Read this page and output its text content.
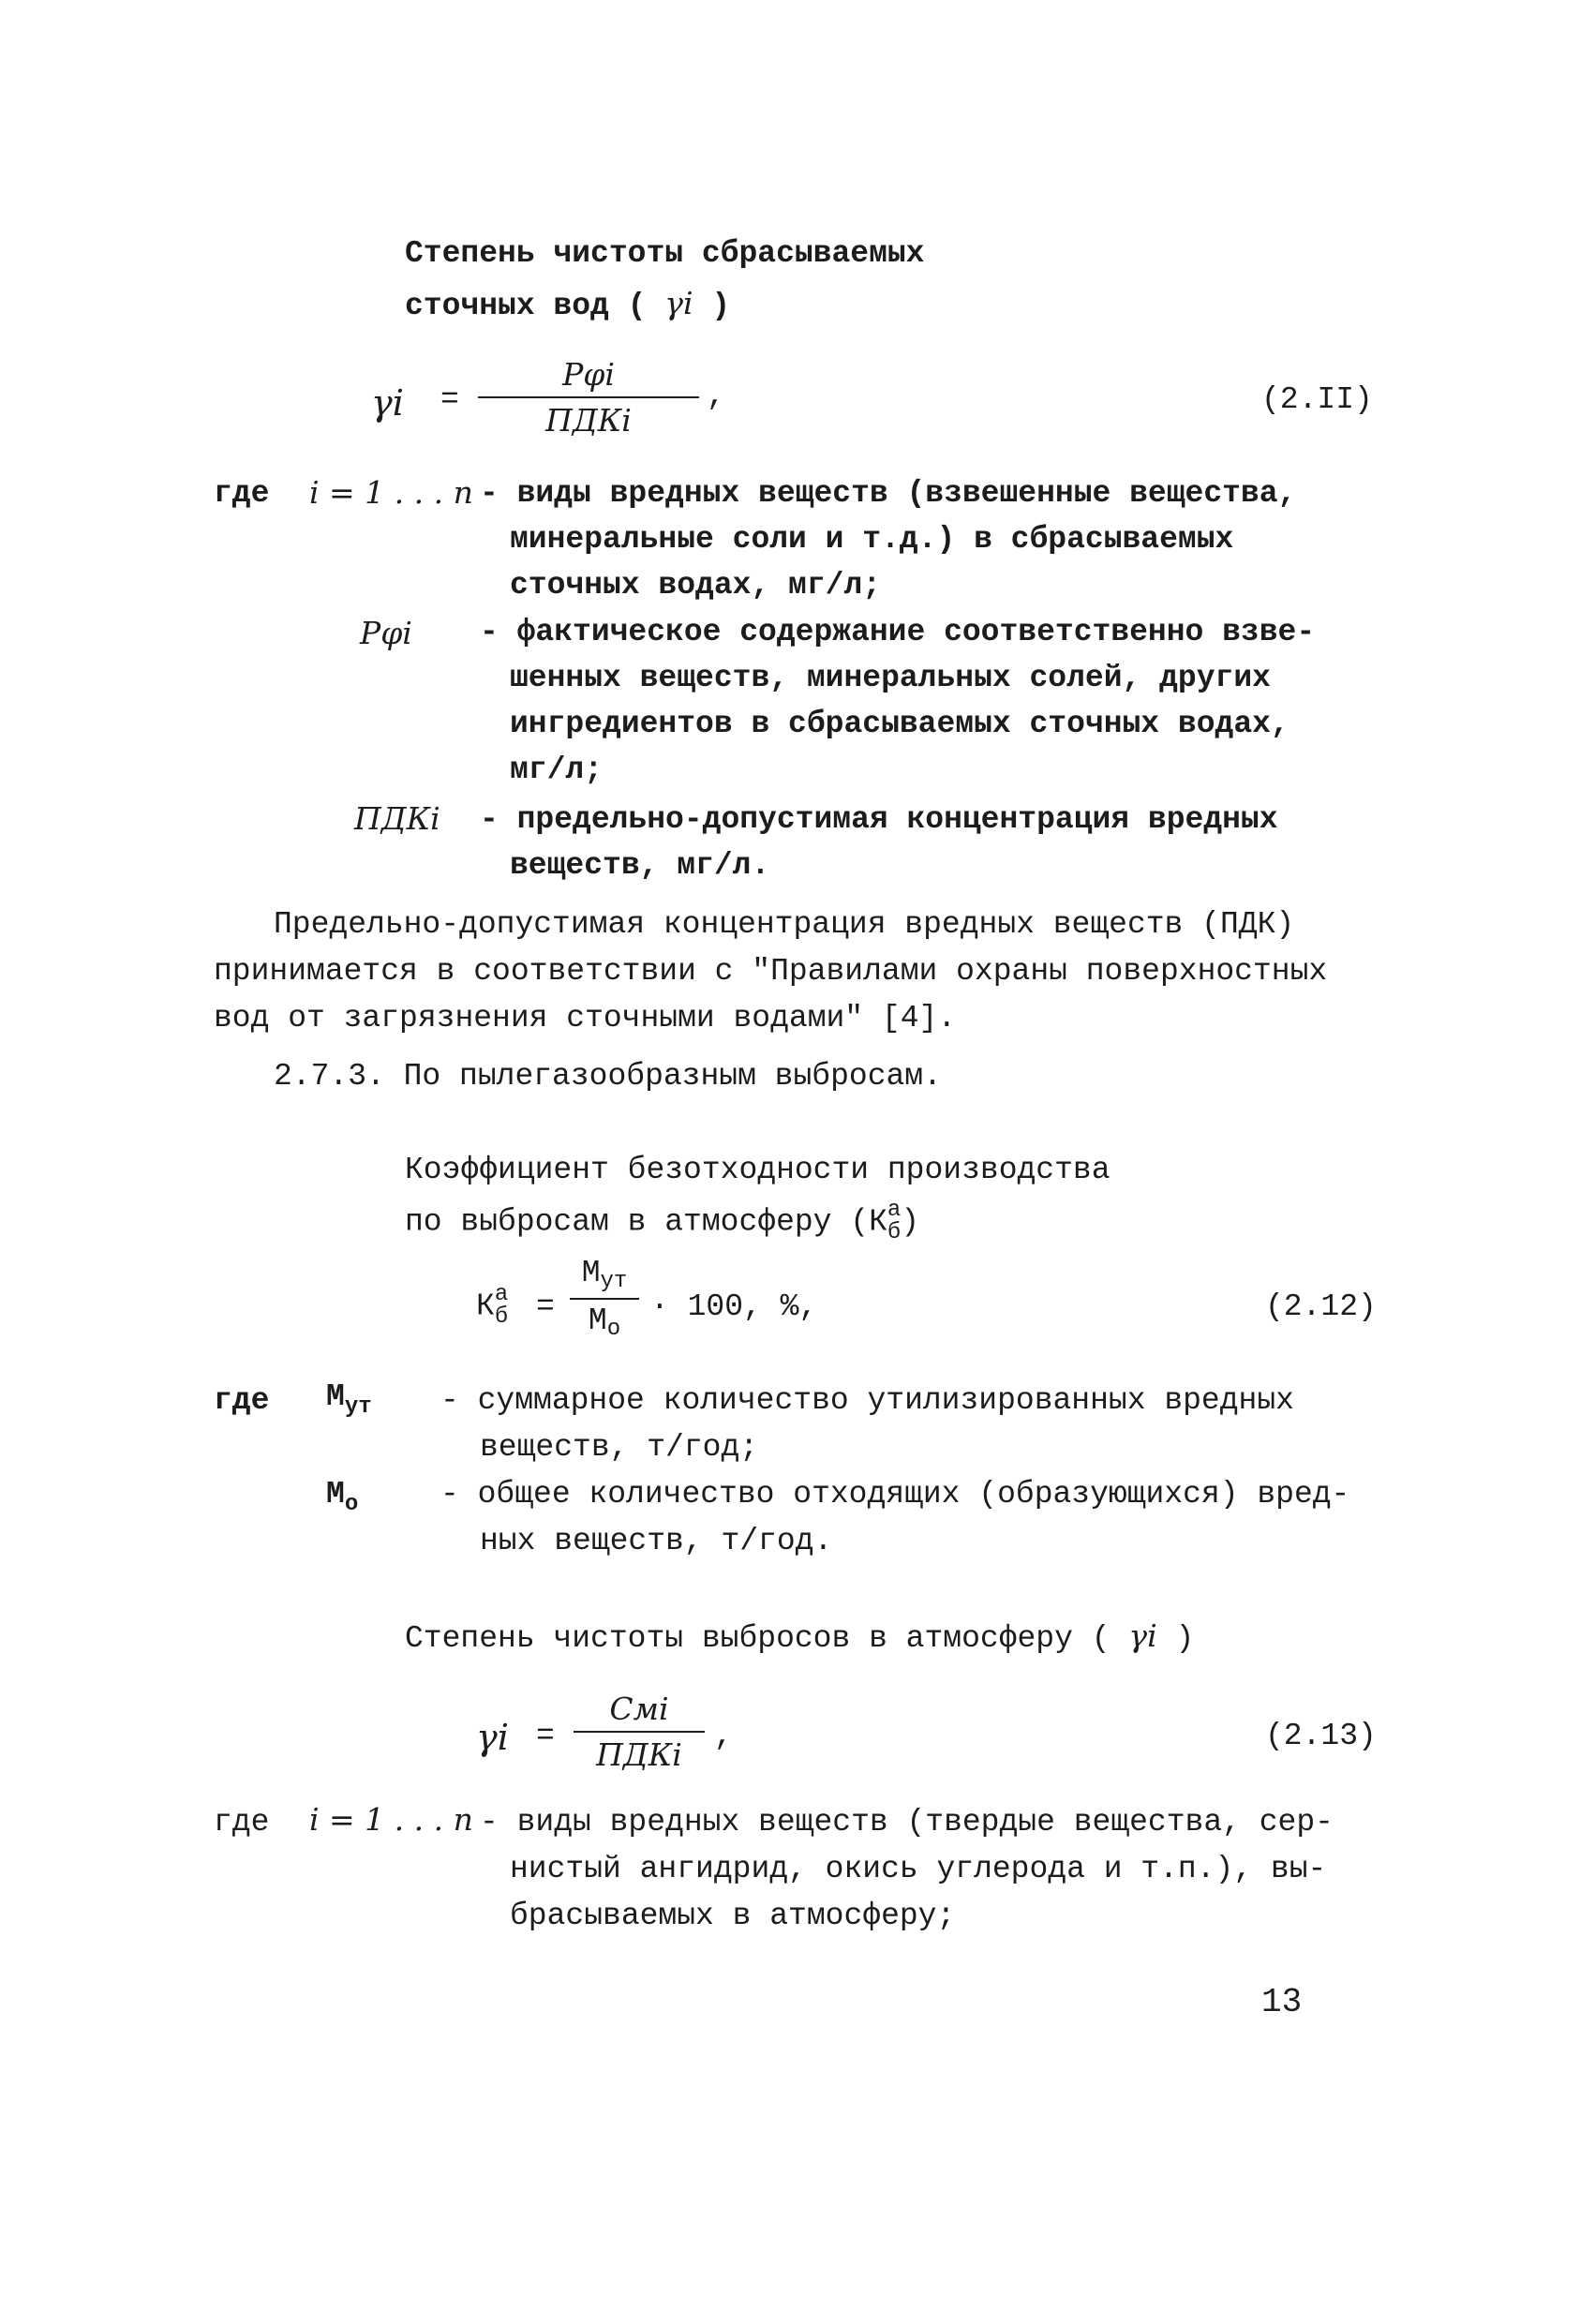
Степень чистоты сбрасываемых
сточных вод ( γi )
γi =
Pφi
ПДКi
,	(2.II)
где i = 1 . . . n - виды вредных веществ (взвешенные вещества,
минеральные соли и т.д.) в сбрасываемых
сточных водах, мг/л;
Pφi - фактическое содержание соответственно взве-
шенных веществ, минеральных солей, других
ингредиентов в сбрасываемых сточных водах,
мг/л;
ПДКi - предельно-допустимая концентрация вредных
веществ, мг/л.
Предельно-допустимая концентрация вредных веществ (ПДК)
принимается в соответствии с "Правилами охраны поверхностных
вод от загрязнения сточными водами" [4].
2.7.3. По пылегазообразным выбросам.
Коэффициент безотходности производства
по выбросам в атмосферу (К а
б )
К а
б =
Мут
Мо
· 100, %,	(2.12)
где $М_{ут}$ - суммарное количество утилизированных вредных
веществ, т/год;
$М_о$	- общее количество отходящих (образующихся) вред-
ных веществ, т/год.
Степень чистоты выбросов в атмосферу ( γi )
γi =
Cмi
ПДКi
,	(2.13)
где i = 1 . . . n - виды вредных веществ (твердые вещества, сер-
нистый ангидрид, окись углерода и т.п.), вы-
брасываемых в атмосферу;
13
